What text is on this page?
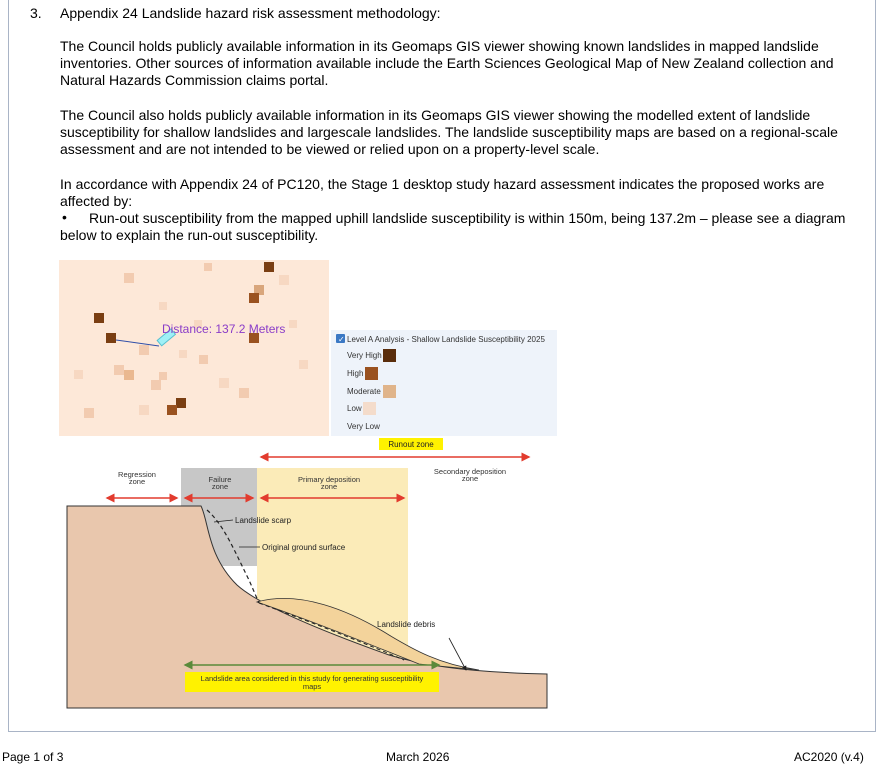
3. Appendix 24 Landslide hazard risk assessment methodology:

The Council holds publicly available information in its Geomaps GIS viewer showing known landslides in mapped landslide inventories. Other sources of information available include the Earth Sciences Geological Map of New Zealand collection and Natural Hazards Commission claims portal.

The Council also holds publicly available information in its Geomaps GIS viewer showing the modelled extent of landslide susceptibility for shallow landslides and largescale landslides. The landslide susceptibility maps are based on a regional-scale assessment and are not intended to be viewed or relied upon on a property-level scale.

In accordance with Appendix 24 of PC120, the Stage 1 desktop study hazard assessment indicates the proposed works are affected by:

•	Run-out susceptibility from the mapped uphill landslide susceptibility is within 150m, being 137.2m – please see a diagram below to explain the run-out susceptibility.

Distance: 137.2 Meters
✓ Level A Analysis - Shallow Landslide Susceptibility 2025
Very High
High
Moderate
Low
Very Low
Runout zone
Regression
zone	Failure
zone
Primary deposition
zone
Secondary deposition
zone
Landslide scarp
Original ground surface
Landslide debris
Landslide area considered in this study for generating susceptibility
maps
Page 1 of 3	March 2026	AC2020 (v.4)
